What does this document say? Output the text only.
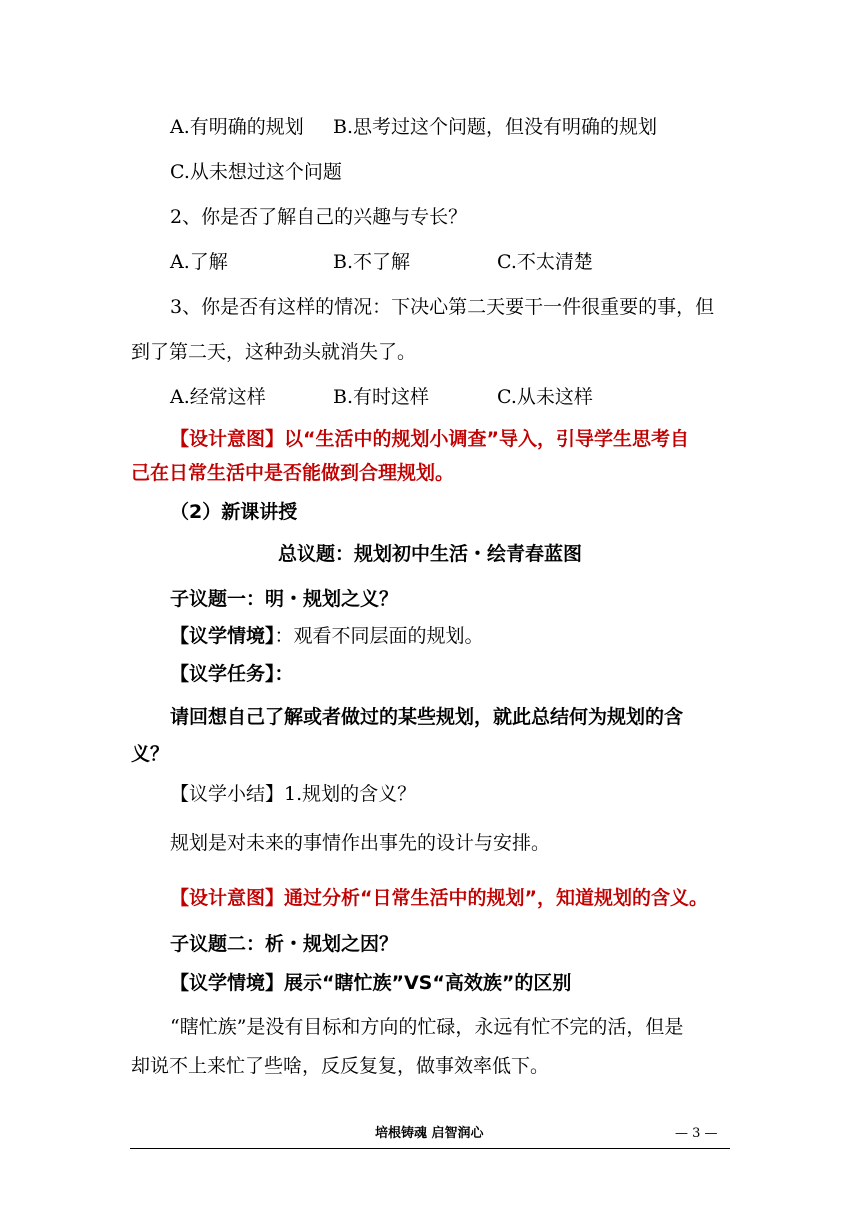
A.有明确的规划 B.思考过这个问题，但没有明确的规划
C.从未想过这个问题
2、你是否了解自己的兴趣与专长？
A.了解	B.不了解	C.不太清楚
3、你是否有这样的情况：下决心第二天要干一件很重要的事，但
到了第二天，这种劲头就消失了。
A.经常这样	B.有时这样	C.从未这样
【设计意图】以“生活中的规划小调查”导入，引导学生思考自
己在日常生活中是否能做到合理规划。
（2）新课讲授
总议题：规划初中生活・绘青春蓝图
子议题一：明・规划之义？
【议学情境】：观看不同层面的规划。
【议学任务】：
请回想自己了解或者做过的某些规划，就此总结何为规划的含
义？
【议学小结】1.规划的含义？
规划是对未来的事情作出事先的设计与安排。
【设计意图】通过分析“日常生活中的规划”，知道规划的含义。
子议题二：析・规划之因？
【议学情境】展示“瞎忙族”VS“高效族”的区别
“瞎忙族”是没有目标和方向的忙碌，永远有忙不完的活，但是
却说不上来忙了些啥，反反复复，做事效率低下。
培根铸魂 启智润心	— 3 —
